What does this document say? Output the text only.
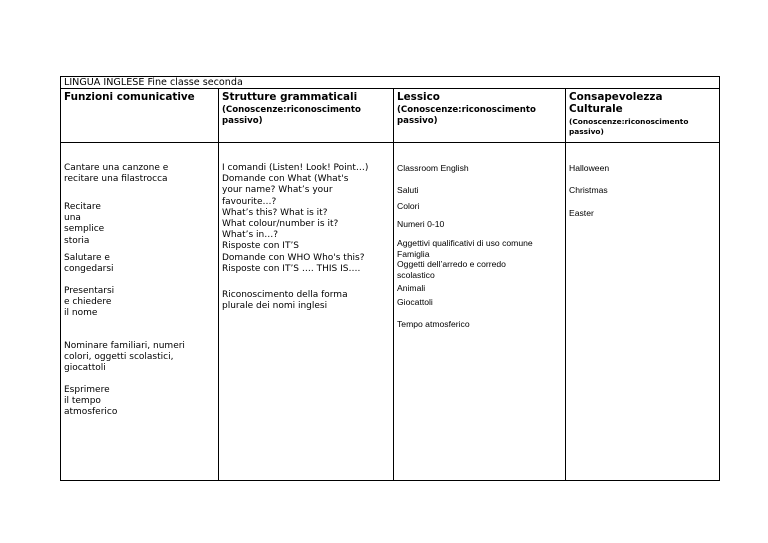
LINGUA INGLESE Fine classe seconda
Funzioni comunicative

Cantare una canzone e
recitare una filastrocca

Recitare
una
semplice
storia

Salutare e
congedarsi

Presentarsi
e chiedere
il nome

Nominare familiari, numeri
colori, oggetti scolastici,
giocattoli

Esprimere
il tempo
atmosferico

Strutture grammaticali
(Conoscenze:riconoscimento passivo)

I comandi (Listen! Look! Point…)
Domande con What (What's
your name? What’s your
favourite…?
What’s this? What is it?
What colour/number is it?
What’s in…?
Risposte con IT’S
Domande con WHO Who's this?
Risposte con IT’S …. THIS IS….

Riconoscimento della forma
plurale dei nomi inglesi

Lessico
(Conoscenze:riconoscimento passivo)

Classroom English

Saluti

Colori

Numeri 0-10

Aggettivi qualificativi di uso comune
Famiglia
Oggetti dell’arredo e corredo
scolastico

Animali

Giocattoli

Tempo atmosferico

Consapevolezza Culturale
(Conoscenze:riconoscimento passivo)

Halloween

Christmas

Easter
